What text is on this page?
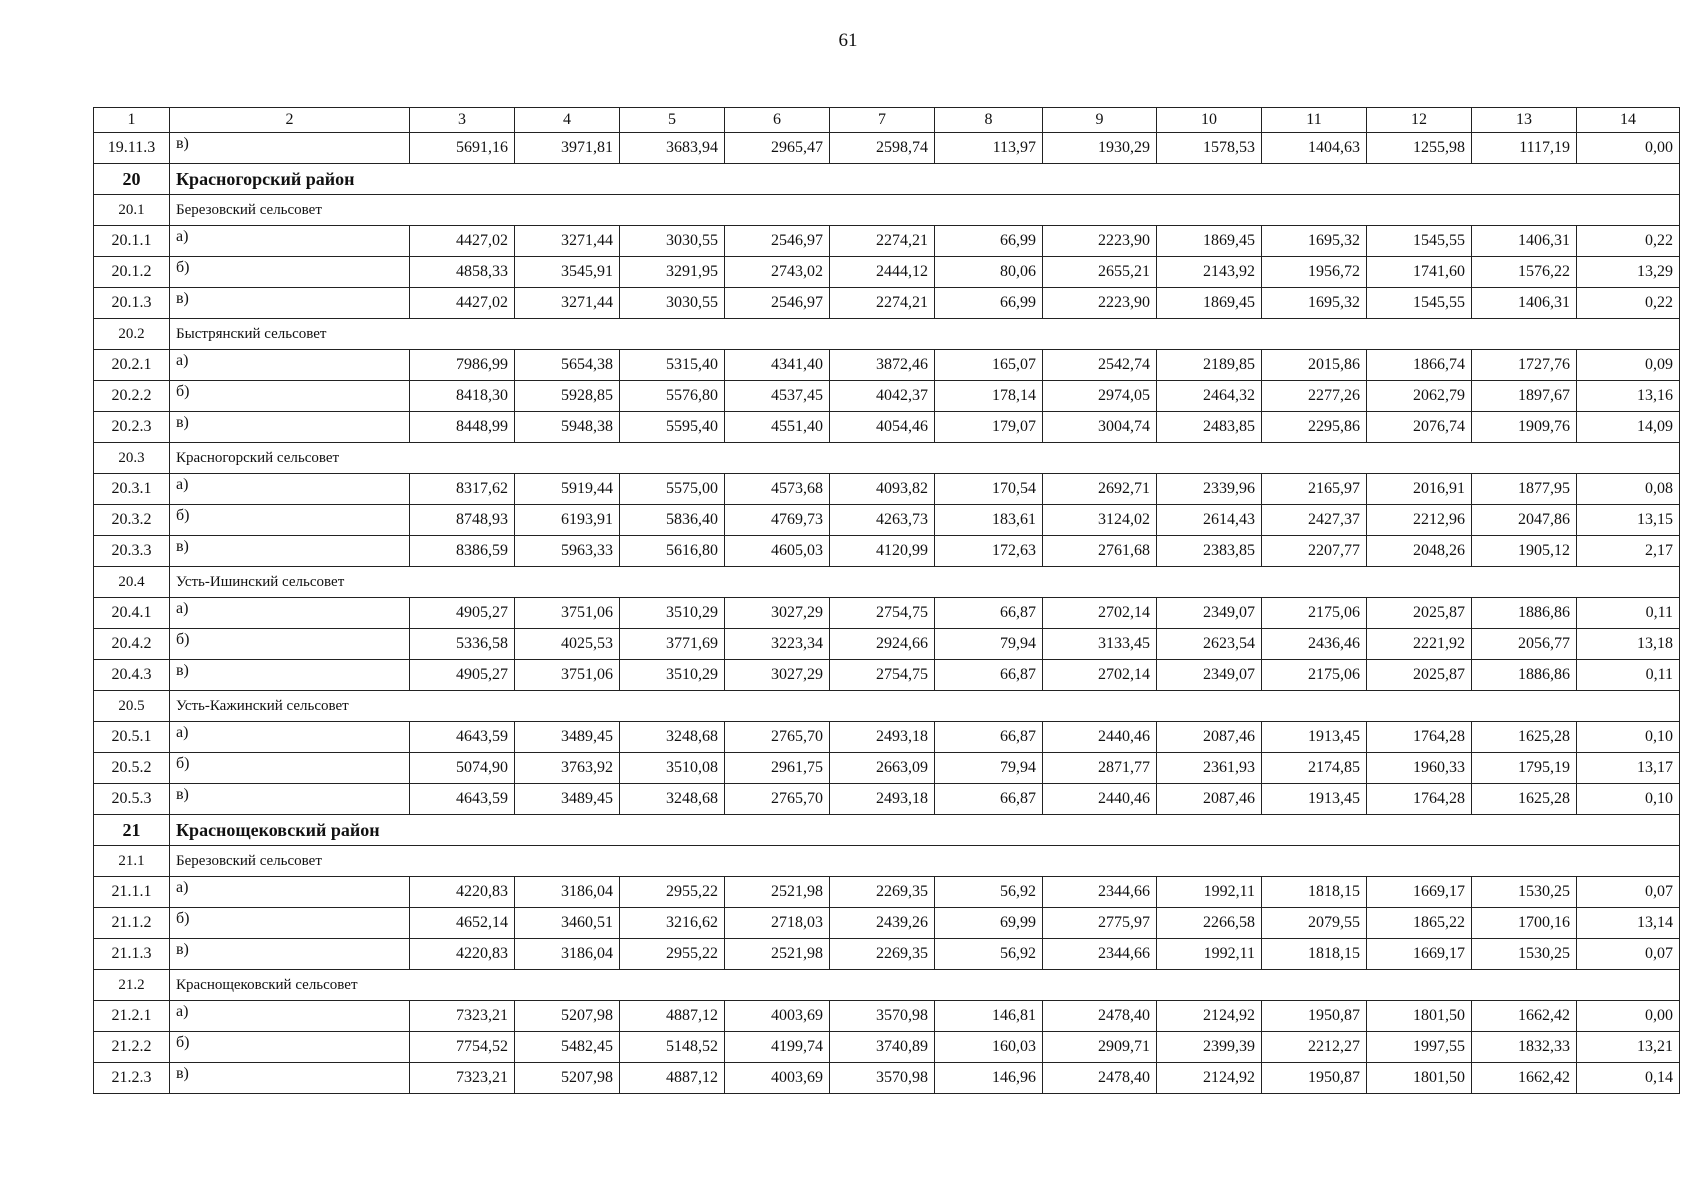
61
1	2	3	4	5	6	7	8	9	10	11	12	13	14
19.11.3	в)	5691,16	3971,81	3683,94	2965,47	2598,74	113,97	1930,29	1578,53	1404,63	1255,98	1117,19	0,00
20	Красногорский район												
20.1	Березовский сельсовет												
20.1.1	а)	4427,02	3271,44	3030,55	2546,97	2274,21	66,99	2223,90	1869,45	1695,32	1545,55	1406,31	0,22
20.1.2	б)	4858,33	3545,91	3291,95	2743,02	2444,12	80,06	2655,21	2143,92	1956,72	1741,60	1576,22	13,29
20.1.3	в)	4427,02	3271,44	3030,55	2546,97	2274,21	66,99	2223,90	1869,45	1695,32	1545,55	1406,31	0,22
20.2	Быстрянский сельсовет												
20.2.1	а)	7986,99	5654,38	5315,40	4341,40	3872,46	165,07	2542,74	2189,85	2015,86	1866,74	1727,76	0,09
20.2.2	б)	8418,30	5928,85	5576,80	4537,45	4042,37	178,14	2974,05	2464,32	2277,26	2062,79	1897,67	13,16
20.2.3	в)	8448,99	5948,38	5595,40	4551,40	4054,46	179,07	3004,74	2483,85	2295,86	2076,74	1909,76	14,09
20.3	Красногорский сельсовет												
20.3.1	а)	8317,62	5919,44	5575,00	4573,68	4093,82	170,54	2692,71	2339,96	2165,97	2016,91	1877,95	0,08
20.3.2	б)	8748,93	6193,91	5836,40	4769,73	4263,73	183,61	3124,02	2614,43	2427,37	2212,96	2047,86	13,15
20.3.3	в)	8386,59	5963,33	5616,80	4605,03	4120,99	172,63	2761,68	2383,85	2207,77	2048,26	1905,12	2,17
20.4	Усть-Ишинский сельсовет												
20.4.1	а)	4905,27	3751,06	3510,29	3027,29	2754,75	66,87	2702,14	2349,07	2175,06	2025,87	1886,86	0,11
20.4.2	б)	5336,58	4025,53	3771,69	3223,34	2924,66	79,94	3133,45	2623,54	2436,46	2221,92	2056,77	13,18
20.4.3	в)	4905,27	3751,06	3510,29	3027,29	2754,75	66,87	2702,14	2349,07	2175,06	2025,87	1886,86	0,11
20.5	Усть-Кажинский сельсовет												
20.5.1	а)	4643,59	3489,45	3248,68	2765,70	2493,18	66,87	2440,46	2087,46	1913,45	1764,28	1625,28	0,10
20.5.2	б)	5074,90	3763,92	3510,08	2961,75	2663,09	79,94	2871,77	2361,93	2174,85	1960,33	1795,19	13,17
20.5.3	в)	4643,59	3489,45	3248,68	2765,70	2493,18	66,87	2440,46	2087,46	1913,45	1764,28	1625,28	0,10
21	Краснощековский район												
21.1	Березовский сельсовет												
21.1.1	а)	4220,83	3186,04	2955,22	2521,98	2269,35	56,92	2344,66	1992,11	1818,15	1669,17	1530,25	0,07
21.1.2	б)	4652,14	3460,51	3216,62	2718,03	2439,26	69,99	2775,97	2266,58	2079,55	1865,22	1700,16	13,14
21.1.3	в)	4220,83	3186,04	2955,22	2521,98	2269,35	56,92	2344,66	1992,11	1818,15	1669,17	1530,25	0,07
21.2	Краснощековский сельсовет												
21.2.1	а)	7323,21	5207,98	4887,12	4003,69	3570,98	146,81	2478,40	2124,92	1950,87	1801,50	1662,42	0,00
21.2.2	б)	7754,52	5482,45	5148,52	4199,74	3740,89	160,03	2909,71	2399,39	2212,27	1997,55	1832,33	13,21
21.2.3	в)	7323,21	5207,98	4887,12	4003,69	3570,98	146,96	2478,40	2124,92	1950,87	1801,50	1662,42	0,14
